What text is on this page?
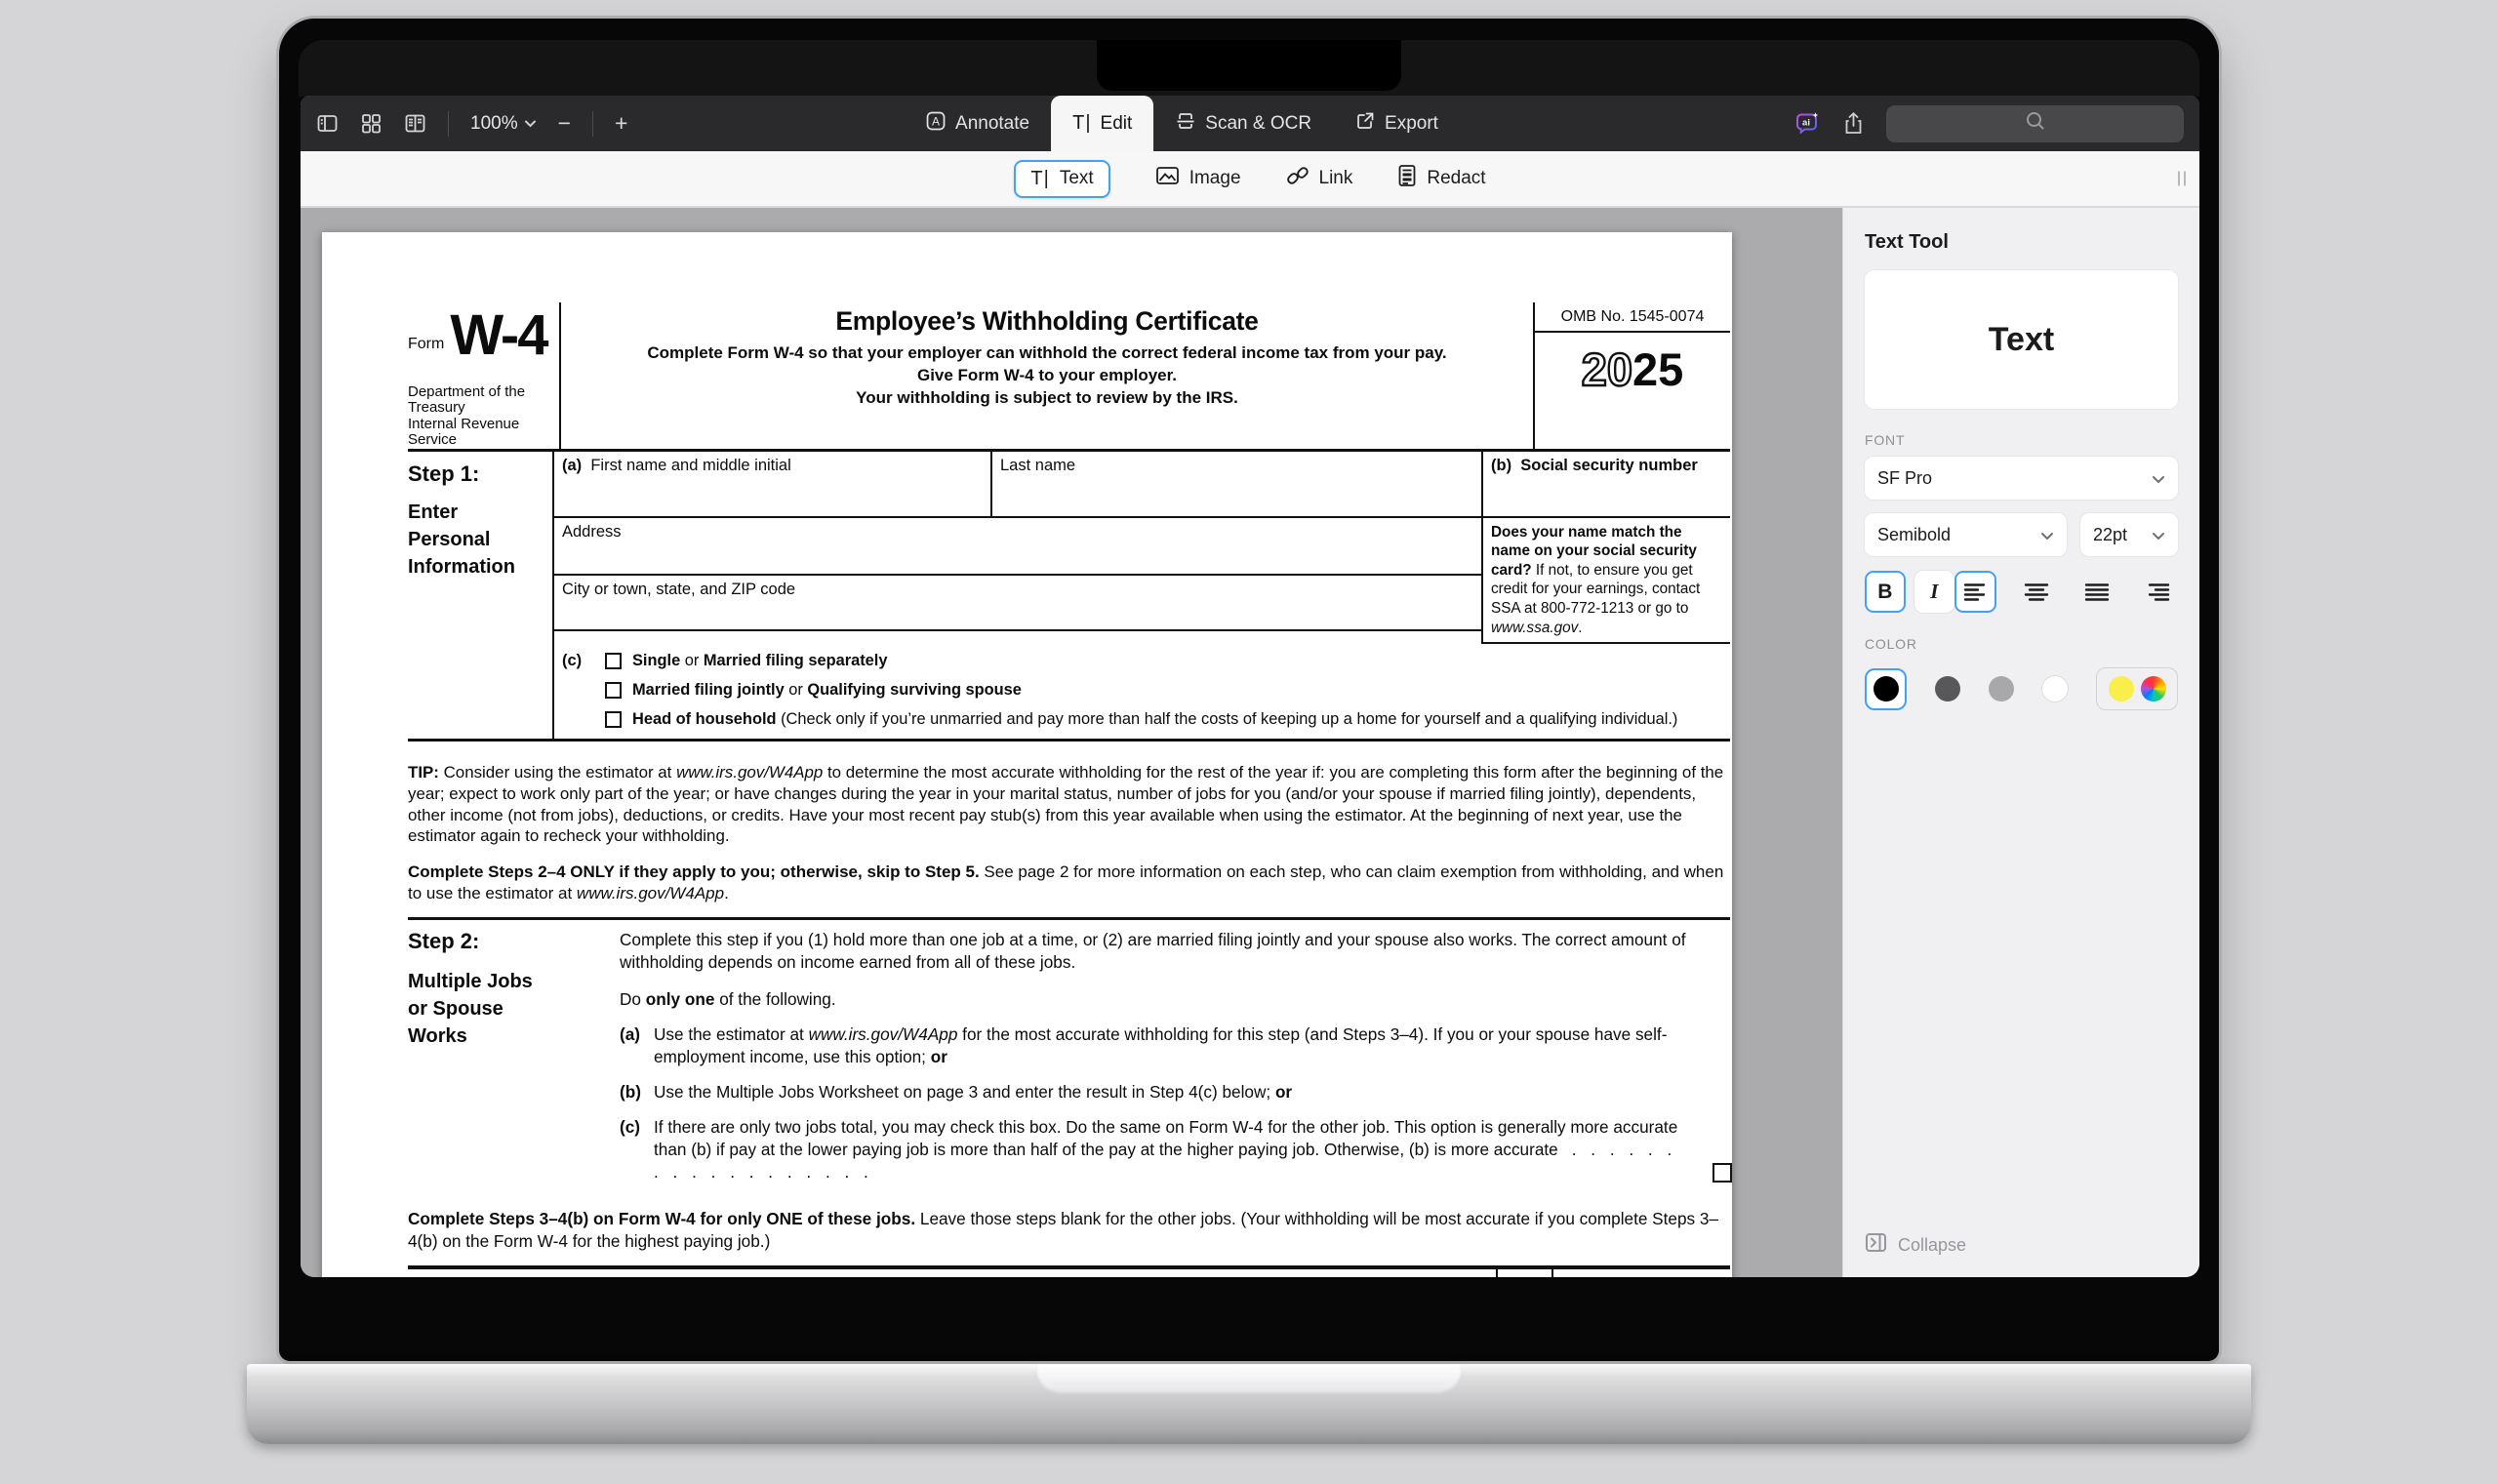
100% − +	A Annotate T| Edit	Scan & OCR	Export	ai
T| Text	Image	Link	Redact
Form W-4
Department of the Treasury
Internal Revenue Service
Employee’s Withholding Certificate
Complete Form W-4 so that your employer can withhold the correct federal income tax from your pay.
Give Form W-4 to your employer.
Your withholding is subject to review by the IRS.
OMB No. 1545-0074
2025
Step 1:
Enter
Personal
Information
(a) First name and middle initial	Last name	(b) Social security number
Address
City or town, state, and ZIP code
Does your name match the name on your social security card? If not, to ensure you get credit for your earnings, contact SSA at 800-772-1213 or go to www.ssa.gov.
(c)	Single or Married filing separately
Married filing jointly or Qualifying surviving spouse
Head of household (Check only if you’re unmarried and pay more than half the costs of keeping up a home for yourself and a qualifying individual.)
TIP: Consider using the estimator at www.irs.gov/W4App to determine the most accurate withholding for the rest of the year if: you are completing this form after the beginning of the year; expect to work only part of the year; or have changes during the year in your marital status, number of jobs for you (and/or your spouse if married filing jointly), dependents, other income (not from jobs), deductions, or credits. Have your most recent pay stub(s) from this year available when using the estimator. At the beginning of next year, use the estimator again to recheck your withholding.
Complete Steps 2–4 ONLY if they apply to you; otherwise, skip to Step 5. See page 2 for more information on each step, who can claim exemption from withholding, and when to use the estimator at www.irs.gov/W4App.
Step 2:
Multiple Jobs
or Spouse
Works
Complete this step if you (1) hold more than one job at a time, or (2) are married filing jointly and your spouse also works. The correct amount of withholding depends on income earned from all of these jobs.
Do only one of the following.
(a) Use the estimator at www.irs.gov/W4App for the most accurate withholding for this step (and Steps 3–4). If you or your spouse have self-employment income, use this option; or
(b) Use the Multiple Jobs Worksheet on page 3 and enter the result in Step 4(c) below; or
(c) If there are only two jobs total, you may check this box. Do the same on Form W-4 for the other job. This option is generally more accurate than (b) if pay at the lower paying job is more than half of the pay at the higher paying job. Otherwise, (b) is more accurate . . . . . . . . . . . . . . . . . .
Complete Steps 3–4(b) on Form W-4 for only ONE of these jobs. Leave those steps blank for the other jobs. (Your withholding will be most accurate if you complete Steps 3–4(b) on the Form W-4 for the highest paying job.)
Text Tool
Text
FONT
SF Pro
Semibold	22pt
B I
COLOR
Collapse
